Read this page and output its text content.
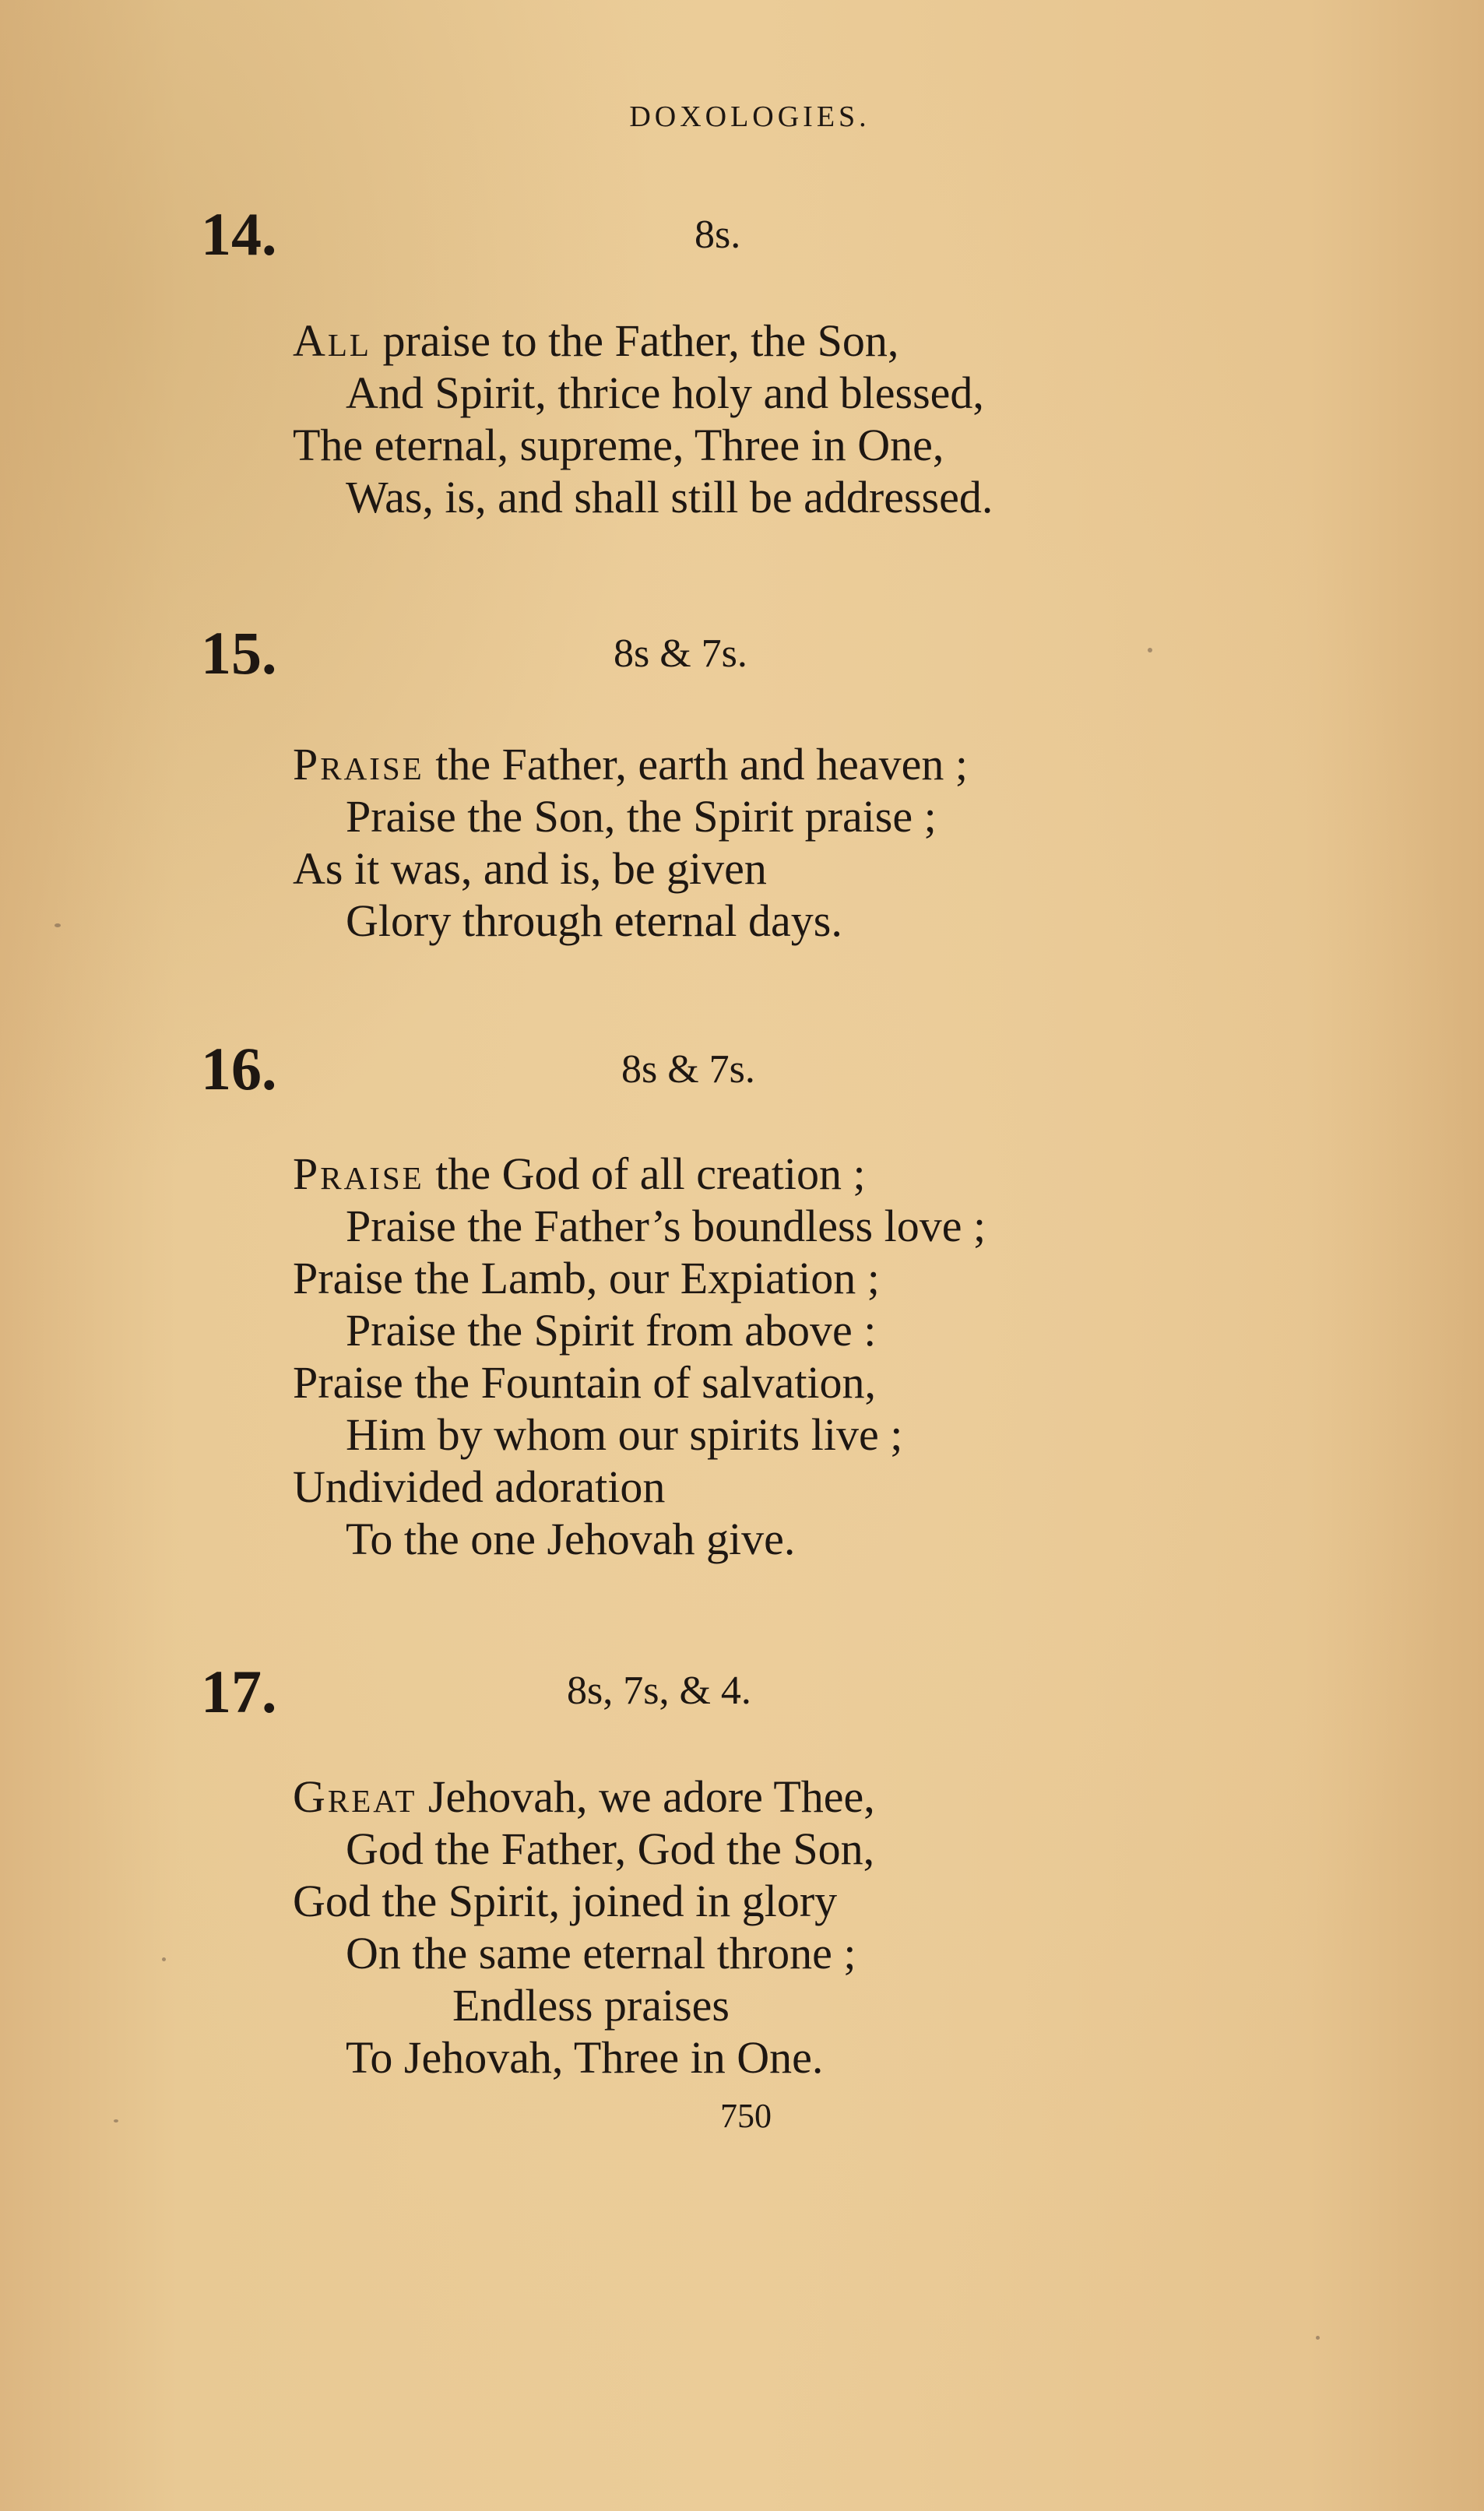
DOXOLOGIES.
14.	8s.
All praise to the Father, the Son,
And Spirit, thrice holy and blessed,
The eternal, supreme, Three in One,
Was, is, and shall still be addressed.
15.	8s & 7s.
Praise the Father, earth and heaven ;
Praise the Son, the Spirit praise ;
As it was, and is, be given
Glory through eternal days.
16.	8s & 7s.
Praise the God of all creation ;
Praise the Father’s boundless love ;
Praise the Lamb, our Expiation ;
Praise the Spirit from above :
Praise the Fountain of salvation,
Him by whom our spirits live ;
Undivided adoration
To the one Jehovah give.
17.	8s, 7s, & 4.
Great Jehovah, we adore Thee,
God the Father, God the Son,
God the Spirit, joined in glory
On the same eternal throne ;
Endless praises
To Jehovah, Three in One.
750
